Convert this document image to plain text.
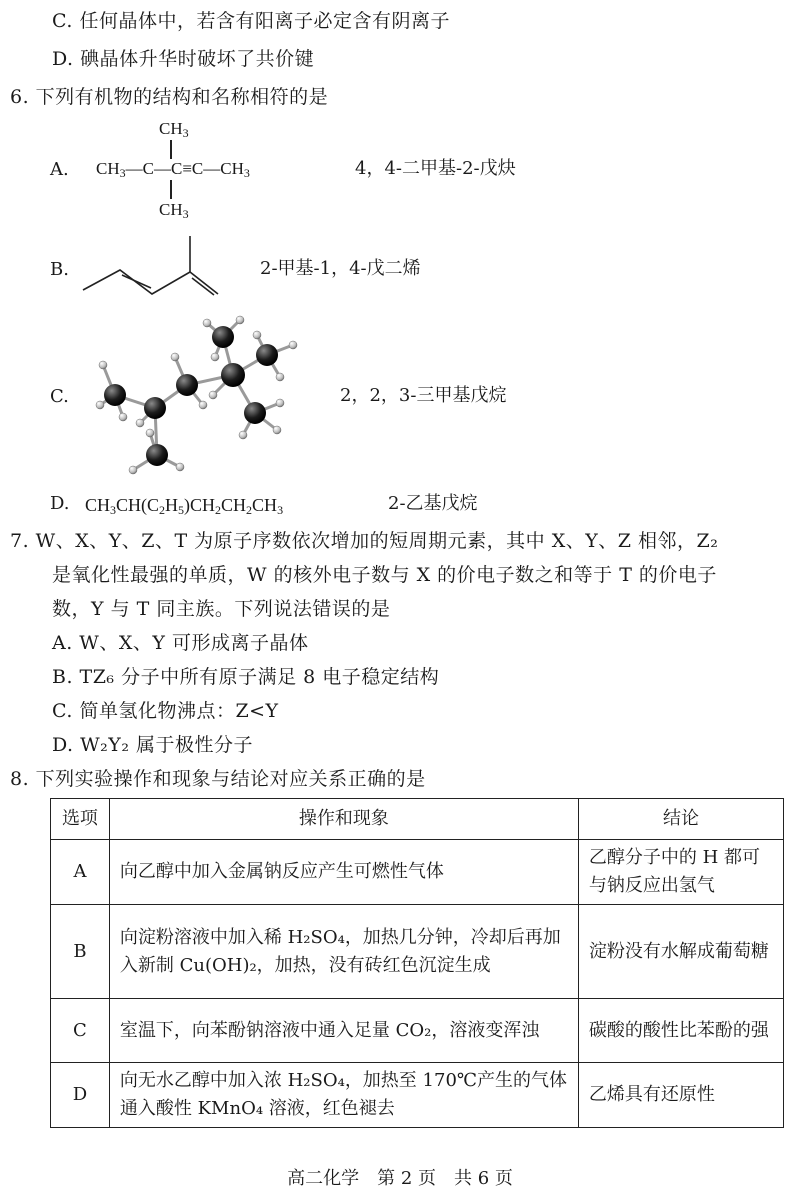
C. 任何晶体中，若含有阳离子必定含有阴离子
D. 碘晶体升华时破坏了共价键
6. 下列有机物的结构和名称相符的是
A.
$CH_3$
$CH_3—C—C\equiv C—CH_3$
$CH_3$
4，4-二甲基-2-戊炔
B.	2-甲基-1，4-戊二烯
C.	2，2，3-三甲基戊烷
D. $CH_3CH(C_2H_5)CH_2CH_2CH_3$	2-乙基戊烷
7. W、X、Y、Z、T 为原子序数依次增加的短周期元素，其中 X、Y、Z 相邻，Z₂
是氧化性最强的单质，W 的核外电子数与 X 的价电子数之和等于 T 的价电子
数，Y 与 T 同主族。下列说法错误的是
A. W、X、Y 可形成离子晶体
B. TZ₆ 分子中所有原子满足 8 电子稳定结构
C. 简单氢化物沸点：Z<Y
D. W₂Y₂ 属于极性分子
8. 下列实验操作和现象与结论对应关系正确的是
选项	操作和现象	结论
A	向乙醇中加入金属钠反应产生可燃性气体	乙醇分子中的 H 都可与钠反应出氢气
B	向淀粉溶液中加入稀 H₂SO₄，加热几分钟，冷却后再加入新制 Cu(OH)₂，加热，没有砖红色沉淀生成	淀粉没有水解成葡萄糖
C	室温下，向苯酚钠溶液中通入足量 CO₂，溶液变浑浊	碳酸的酸性比苯酚的强
D	向无水乙醇中加入浓 H₂SO₄，加热至 170℃产生的气体通入酸性 KMnO₄ 溶液，红色褪去	乙烯具有还原性
高二化学　第 2 页　共 6 页
